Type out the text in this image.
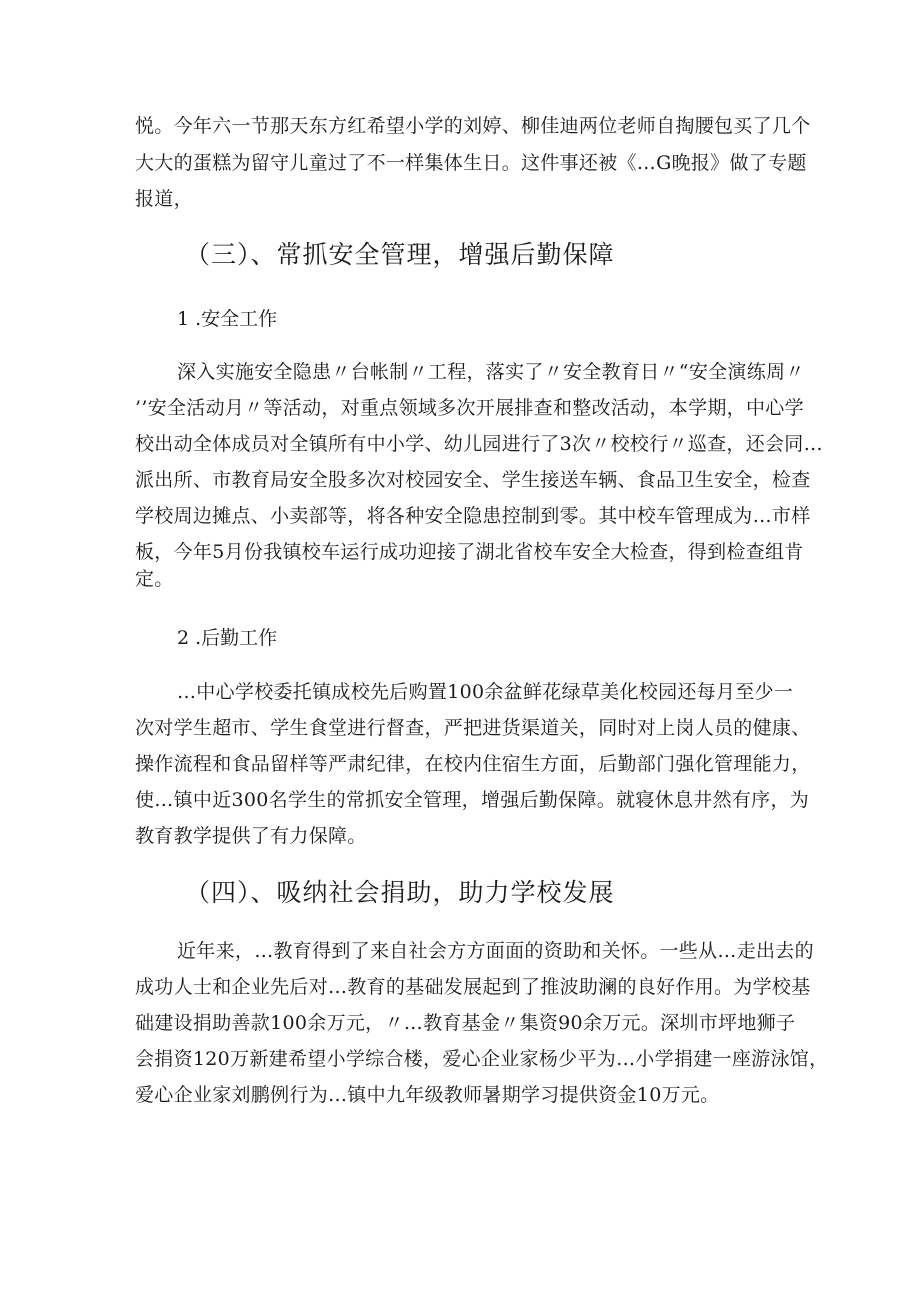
悦。今年六一节那天东方红希望小学的刘婷、柳佳迪两位老师自掏腰包买了几个
大大的蛋糕为留守儿童过了不一样集体生日。这件事还被《…G晚报》做了专题
报道，
（三）、常抓安全管理，增强后勤保障
1 .安全工作
深入实施安全隐患〃台帐制〃工程，落实了〃安全教育日〃“安全演练周〃
’’安全活动月〃等活动，对重点领域多次开展排查和整改活动，本学期，中心学
校出动全体成员对全镇所有中小学、幼儿园进行了3次〃校校行〃巡查，还会同…
派出所、市教育局安全股多次对校园安全、学生接送车辆、食品卫生安全，检查
学校周边摊点、小卖部等，将各种安全隐患控制到零。其中校车管理成为…市样
板，今年5月份我镇校车运行成功迎接了湖北省校车安全大检查，得到检查组肯
定。
2 .后勤工作
…中心学校委托镇成校先后购置100余盆鲜花绿草美化校园还每月至少一
次对学生超市、学生食堂进行督查，严把进货渠道关，同时对上岗人员的健康、
操作流程和食品留样等严肃纪律，在校内住宿生方面，后勤部门强化管理能力，
使…镇中近300名学生的常抓安全管理，增强后勤保障。就寝休息井然有序，为
教育教学提供了有力保障。
（四）、吸纳社会捐助，助力学校发展
近年来，…教育得到了来自社会方方面面的资助和关怀。一些从…走出去的
成功人士和企业先后对…教育的基础发展起到了推波助澜的良好作用。为学校基
础建设捐助善款100余万元，〃…教育基金〃集资90余万元。深圳市坪地狮子
会捐资120万新建希望小学综合楼，爱心企业家杨少平为…小学捐建一座游泳馆，
爱心企业家刘鹏例行为…镇中九年级教师暑期学习提供资金10万元。
